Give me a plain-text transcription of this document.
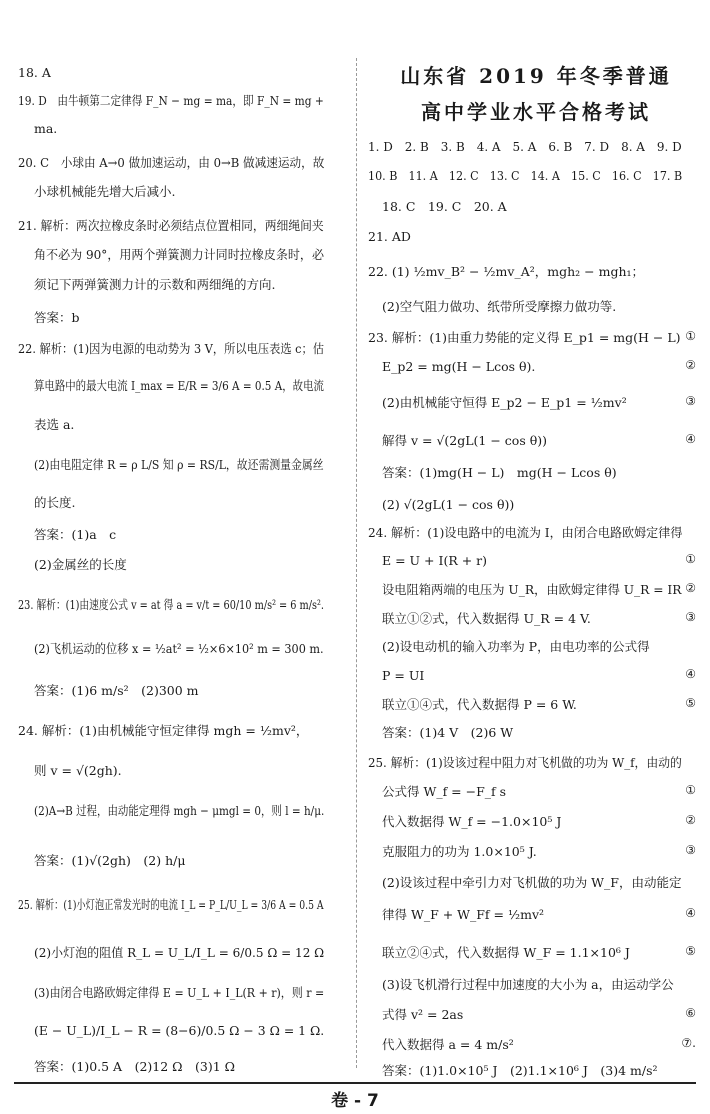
18. A
19. D　由牛顿第二定律得 F_N − mg = ma，即 F_N = mg +
ma.
20. C　小球由 A→0 做加速运动，由 0→B 做减速运动，故
小球机械能先增大后减小.
21. 解析：两次拉橡皮条时必须结点位置相同，两细绳间夹
角不必为 90°，用两个弹簧测力计同时拉橡皮条时，必
须记下两弹簧测力计的示数和两细绳的方向.
答案：b
22. 解析：(1)因为电源的电动势为 3 V，所以电压表选 c；估
算电路中的最大电流 I_max = E/R = 3/6 A = 0.5 A，故电流
表选 a.
(2)由电阻定律 R = ρ L/S 知 ρ = RS/L，故还需测量金属丝
的长度.
答案：(1)a　c
(2)金属丝的长度
23. 解析：(1)由速度公式 v = at 得 a = v/t = 60/10 m/s² = 6 m/s².
(2)飞机运动的位移 x = ½at² = ½×6×10² m = 300 m.
答案：(1)6 m/s²　(2)300 m
24. 解析：(1)由机械能守恒定律得 mgh = ½mv²，
则 v = √(2gh).
(2)A→B 过程，由动能定理得 mgh − μmgl = 0，则 l = h/μ.
答案：(1)√(2gh)　(2) h/μ
25. 解析：(1)小灯泡正常发光时的电流 I_L = P_L/U_L = 3/6 A = 0.5 A
(2)小灯泡的阻值 R_L = U_L/I_L = 6/0.5 Ω = 12 Ω
(3)由闭合电路欧姆定律得 E = U_L + I_L(R + r)，则 r =
(E − U_L)/I_L − R = (8−6)/0.5 Ω − 3 Ω = 1 Ω.
答案：(1)0.5 A　(2)12 Ω　(3)1 Ω
山东省 2019 年冬季普通
高中学业水平合格考试
1. D　2. B　3. B　4. A　5. A　6. B　7. D　8. A　9. D
10. B　11. A　12. C　13. C　14. A　15. C　16. C　17. B
18. C　19. C　20. A
21. AD
22. (1) ½mv_B² − ½mv_A²，mgh₂ − mgh₁；
(2)空气阻力做功、纸带所受摩擦力做功等.
23. 解析：(1)由重力势能的定义得 E_p1 = mg(H − L) ①
E_p2 = mg(H − Lcos θ).	②
(2)由机械能守恒得 E_p2 − E_p1 = ½mv²	③
解得 v = √(2gL(1 − cos θ))	④
答案：(1)mg(H − L)　mg(H − Lcos θ)
(2) √(2gL(1 − cos θ))
24. 解析：(1)设电路中的电流为 I，由闭合电路欧姆定律得
E = U + I(R + r)	①
设电阻箱两端的电压为 U_R，由欧姆定律得 U_R = IR ②
联立①②式，代入数据得 U_R = 4 V.	③
(2)设电动机的输入功率为 P，由电功率的公式得
P = UI	④
联立①④式，代入数据得 P = 6 W.	⑤
答案：(1)4 V　(2)6 W
25. 解析：(1)设该过程中阻力对飞机做的功为 W_f，由动的
公式得 W_f = −F_f s	①
代入数据得 W_f = −1.0×10⁵ J	②
克服阻力的功为 1.0×10⁵ J.	③
(2)设该过程中牵引力对飞机做的功为 W_F，由动能定
律得 W_F + W_Ff = ½mv²	④
联立②④式，代入数据得 W_F = 1.1×10⁶ J	⑤
(3)设飞机滑行过程中加速度的大小为 a，由运动学公
式得 v² = 2as	⑥
代入数据得 a = 4 m/s²	⑦.
答案：(1)1.0×10⁵ J　(2)1.1×10⁶ J　(3)4 m/s²
卷 - 7
